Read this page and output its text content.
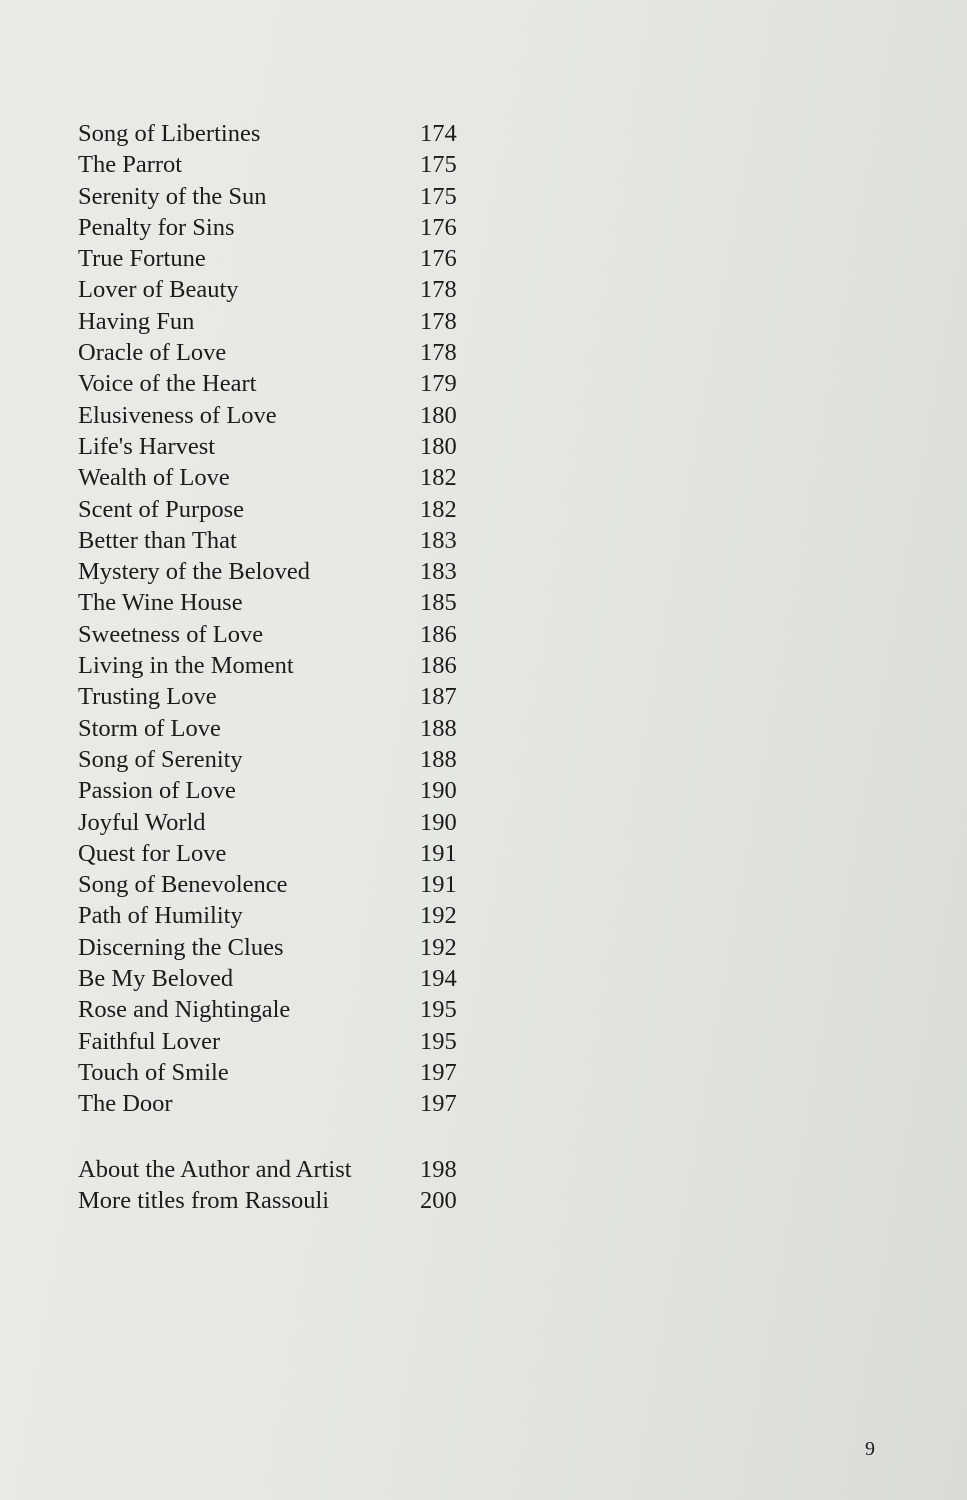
Song of Libertines	174
The Parrot	175
Serenity of the Sun	175
Penalty for Sins	176
True Fortune	176
Lover of Beauty	178
Having Fun	178
Oracle of Love	178
Voice of the Heart	179
Elusiveness of Love	180
Life's Harvest	180
Wealth of Love	182
Scent of Purpose	182
Better than That	183
Mystery of the Beloved	183
The Wine House	185
Sweetness of Love	186
Living in the Moment	186
Trusting Love	187
Storm of Love	188
Song of Serenity	188
Passion of Love	190
Joyful World	190
Quest for Love	191
Song of Benevolence	191
Path of Humility	192
Discerning the Clues	192
Be My Beloved	194
Rose and Nightingale	195
Faithful Lover	195
Touch of Smile	197
The Door	197
About the Author and Artist	198
More titles from Rassouli	200
9
